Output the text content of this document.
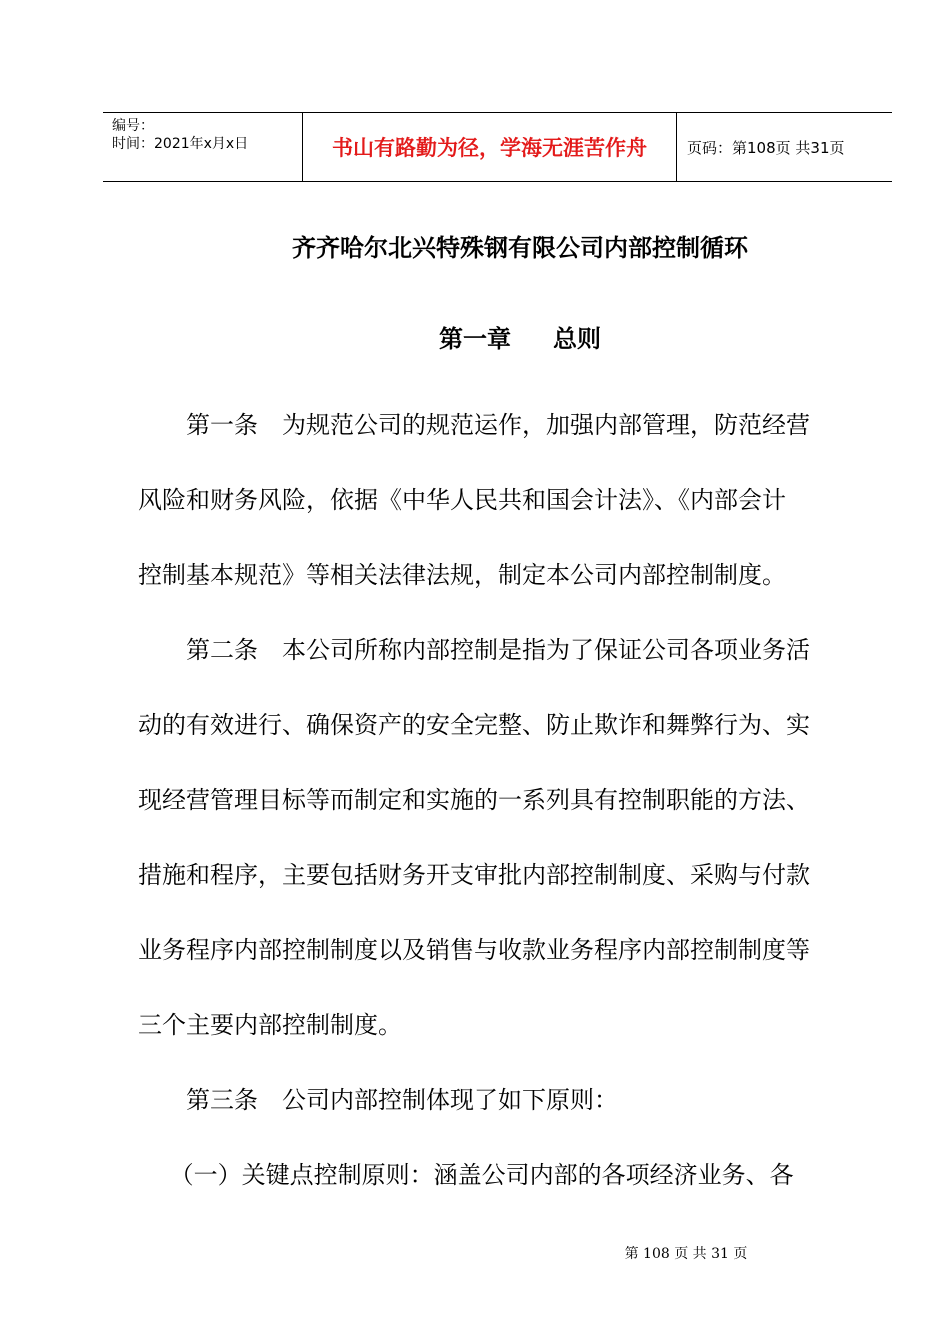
编号：
时间：2021年x月x日	书山有路勤为径，学海无涯苦作舟	页码：第108页 共31页
齐齐哈尔北兴特殊钢有限公司内部控制循环
第一章 总则
　　第一条　为规范公司的规范运作，加强内部管理，防范经营
风险和财务风险，依据《中华人民共和国会计法》、《内部会计
控制基本规范》等相关法律法规，制定本公司内部控制制度。
　　第二条　本公司所称内部控制是指为了保证公司各项业务活
动的有效进行、确保资产的安全完整、防止欺诈和舞弊行为、实
现经营管理目标等而制定和实施的一系列具有控制职能的方法、
措施和程序，主要包括财务开支审批内部控制制度、采购与付款
业务程序内部控制制度以及销售与收款业务程序内部控制制度等
三个主要内部控制制度。
　　第三条　公司内部控制体现了如下原则：
　 （一）关键点控制原则：涵盖公司内部的各项经济业务、各
第 108 页 共 31 页
